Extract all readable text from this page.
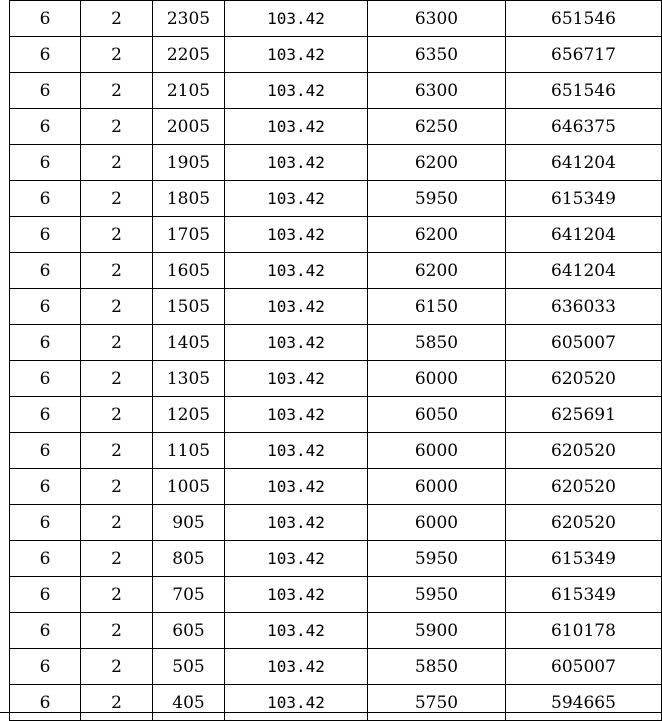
6	2	2305	103.42	6300	651546
6	2	2205	103.42	6350	656717
6	2	2105	103.42	6300	651546
6	2	2005	103.42	6250	646375
6	2	1905	103.42	6200	641204
6	2	1805	103.42	5950	615349
6	2	1705	103.42	6200	641204
6	2	1605	103.42	6200	641204
6	2	1505	103.42	6150	636033
6	2	1405	103.42	5850	605007
6	2	1305	103.42	6000	620520
6	2	1205	103.42	6050	625691
6	2	1105	103.42	6000	620520
6	2	1005	103.42	6000	620520
6	2	905	103.42	6000	620520
6	2	805	103.42	5950	615349
6	2	705	103.42	5950	615349
6	2	605	103.42	5900	610178
6	2	505	103.42	5850	605007
6	2	405	103.42	5750	594665
